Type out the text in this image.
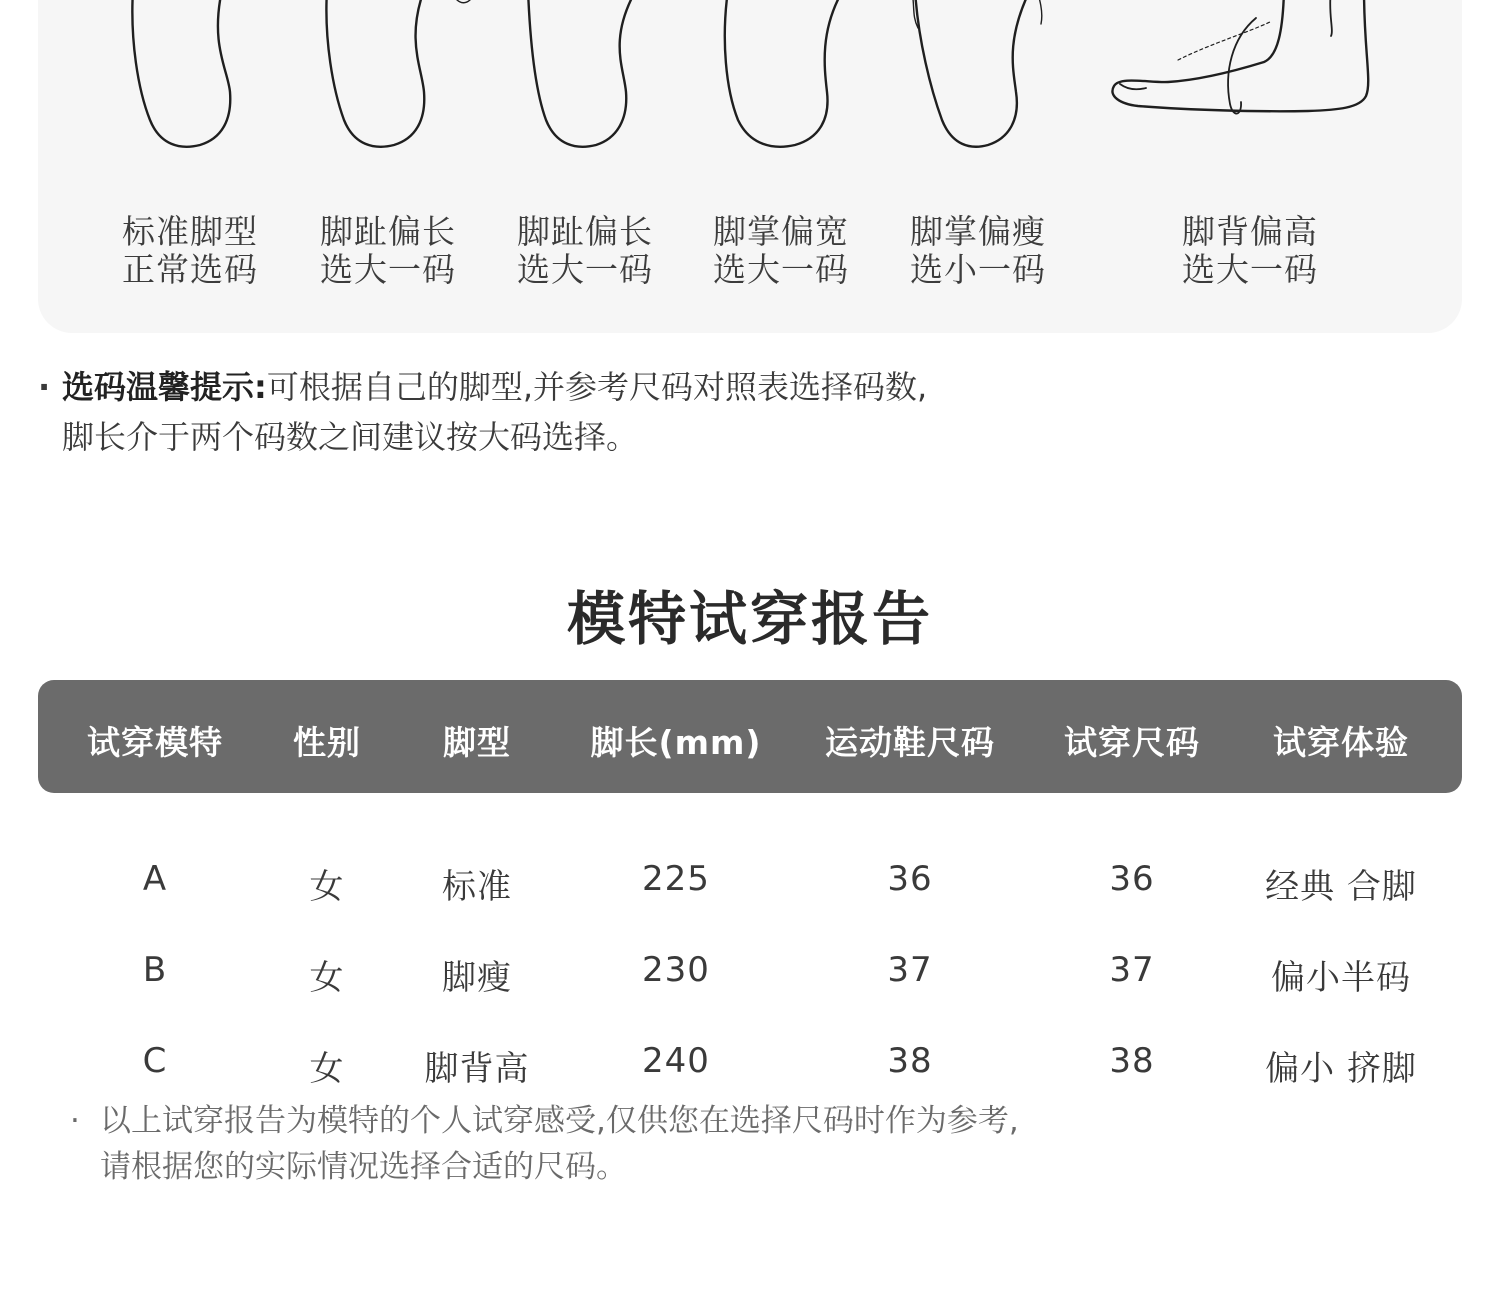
标准脚型
正常选码
脚趾偏长
选大一码
脚趾偏长
选大一码
脚掌偏宽
选大一码
脚掌偏瘦
选小一码
脚背偏高
选大一码
· 选码温馨提示:可根据自己的脚型,并参考尺码对照表选择码数,
脚长介于两个码数之间建议按大码选择。
模特试穿报告
试穿模特 性别 脚型 脚长(mm) 运动鞋尺码 试穿尺码 试穿体验
A	女	标准	225	36	36	经典 合脚
B	女	脚瘦	230	37	37	偏小半码
C	女 脚背高	240	38	38	偏小 挤脚
· 以上试穿报告为模特的个人试穿感受,仅供您在选择尺码时作为参考,
请根据您的实际情况选择合适的尺码。
